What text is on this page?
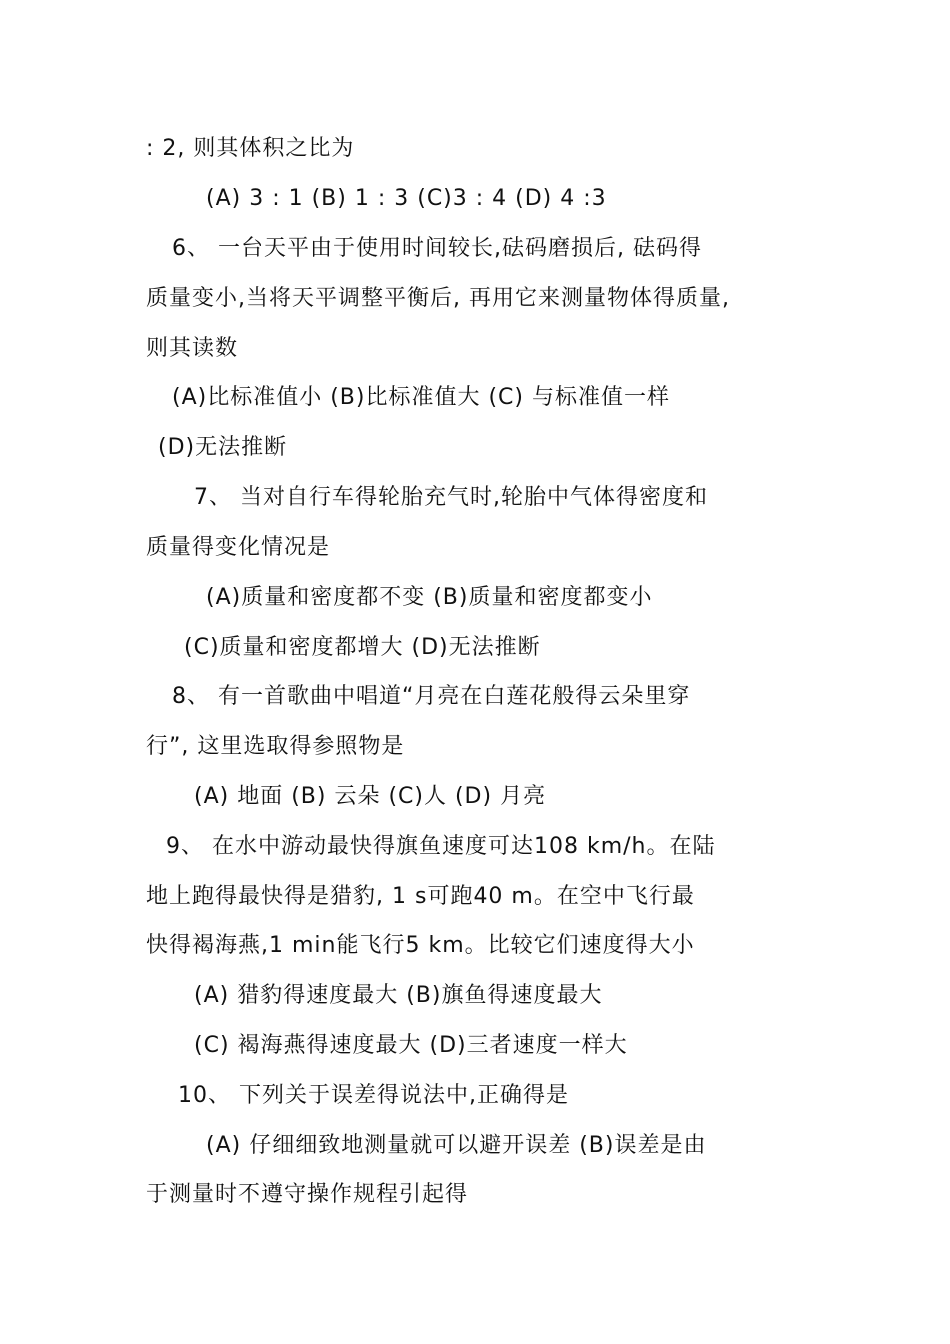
: 2, 则其体积之比为
(A) 3 : 1 (B) 1 : 3 (C)3 : 4 (D) 4 :3
6、 一台天平由于使用时间较长,砝码磨损后, 砝码得
质量变小,当将天平调整平衡后, 再用它来测量物体得质量,
则其读数
(A)比标准值小 (B)比标准值大 (C) 与标准值一样
(D)无法推断
7、 当对自行车得轮胎充气时,轮胎中气体得密度和
质量得变化情况是
(A)质量和密度都不变 (B)质量和密度都变小
(C)质量和密度都增大 (D)无法推断
8、 有一首歌曲中唱道“月亮在白莲花般得云朵里穿
行”, 这里选取得参照物是
(A) 地面 (B) 云朵 (C)人 (D) 月亮
9、 在水中游动最快得旗鱼速度可达108 km/h。在陆
地上跑得最快得是猎豹, 1 s可跑40 m。在空中飞行最
快得褐海燕,1 min能飞行5 km。比较它们速度得大小
(A) 猎豹得速度最大 (B)旗鱼得速度最大
(C) 褐海燕得速度最大 (D)三者速度一样大
10、 下列关于误差得说法中,正确得是
(A) 仔细细致地测量就可以避开误差 (B)误差是由
于测量时不遵守操作规程引起得
